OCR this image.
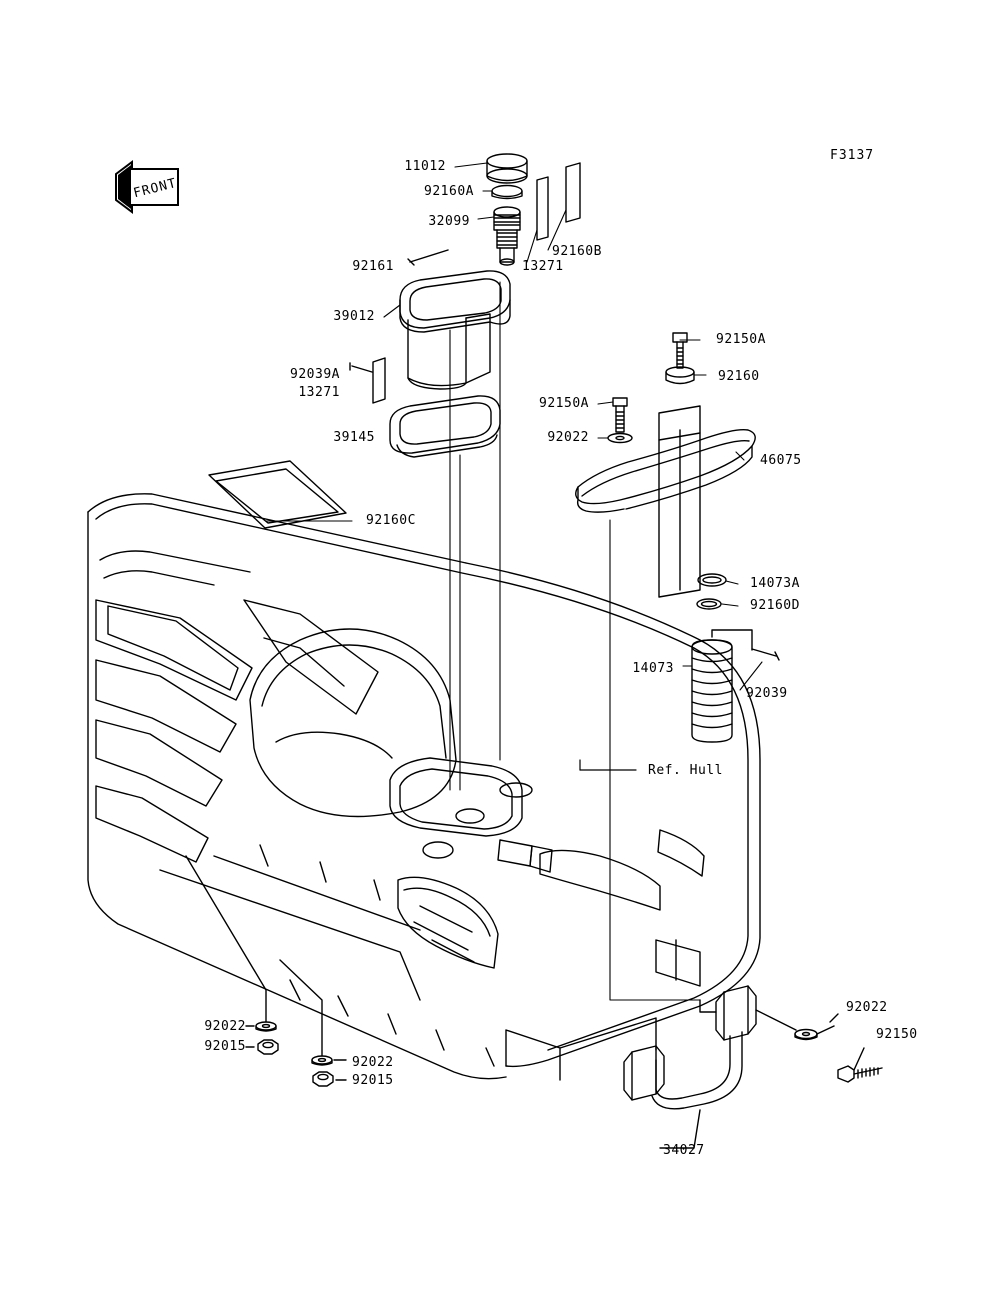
F3137
FRONT
Ref. Hull
11012
92160A
32099
92160B
92161	13271
39012
92150A
92160
92039A
13271
92150A
39145	92022
46075
92160C
14073A
92160D
14073
92039
92022
92150
92022
92015
92022
92015
34027
